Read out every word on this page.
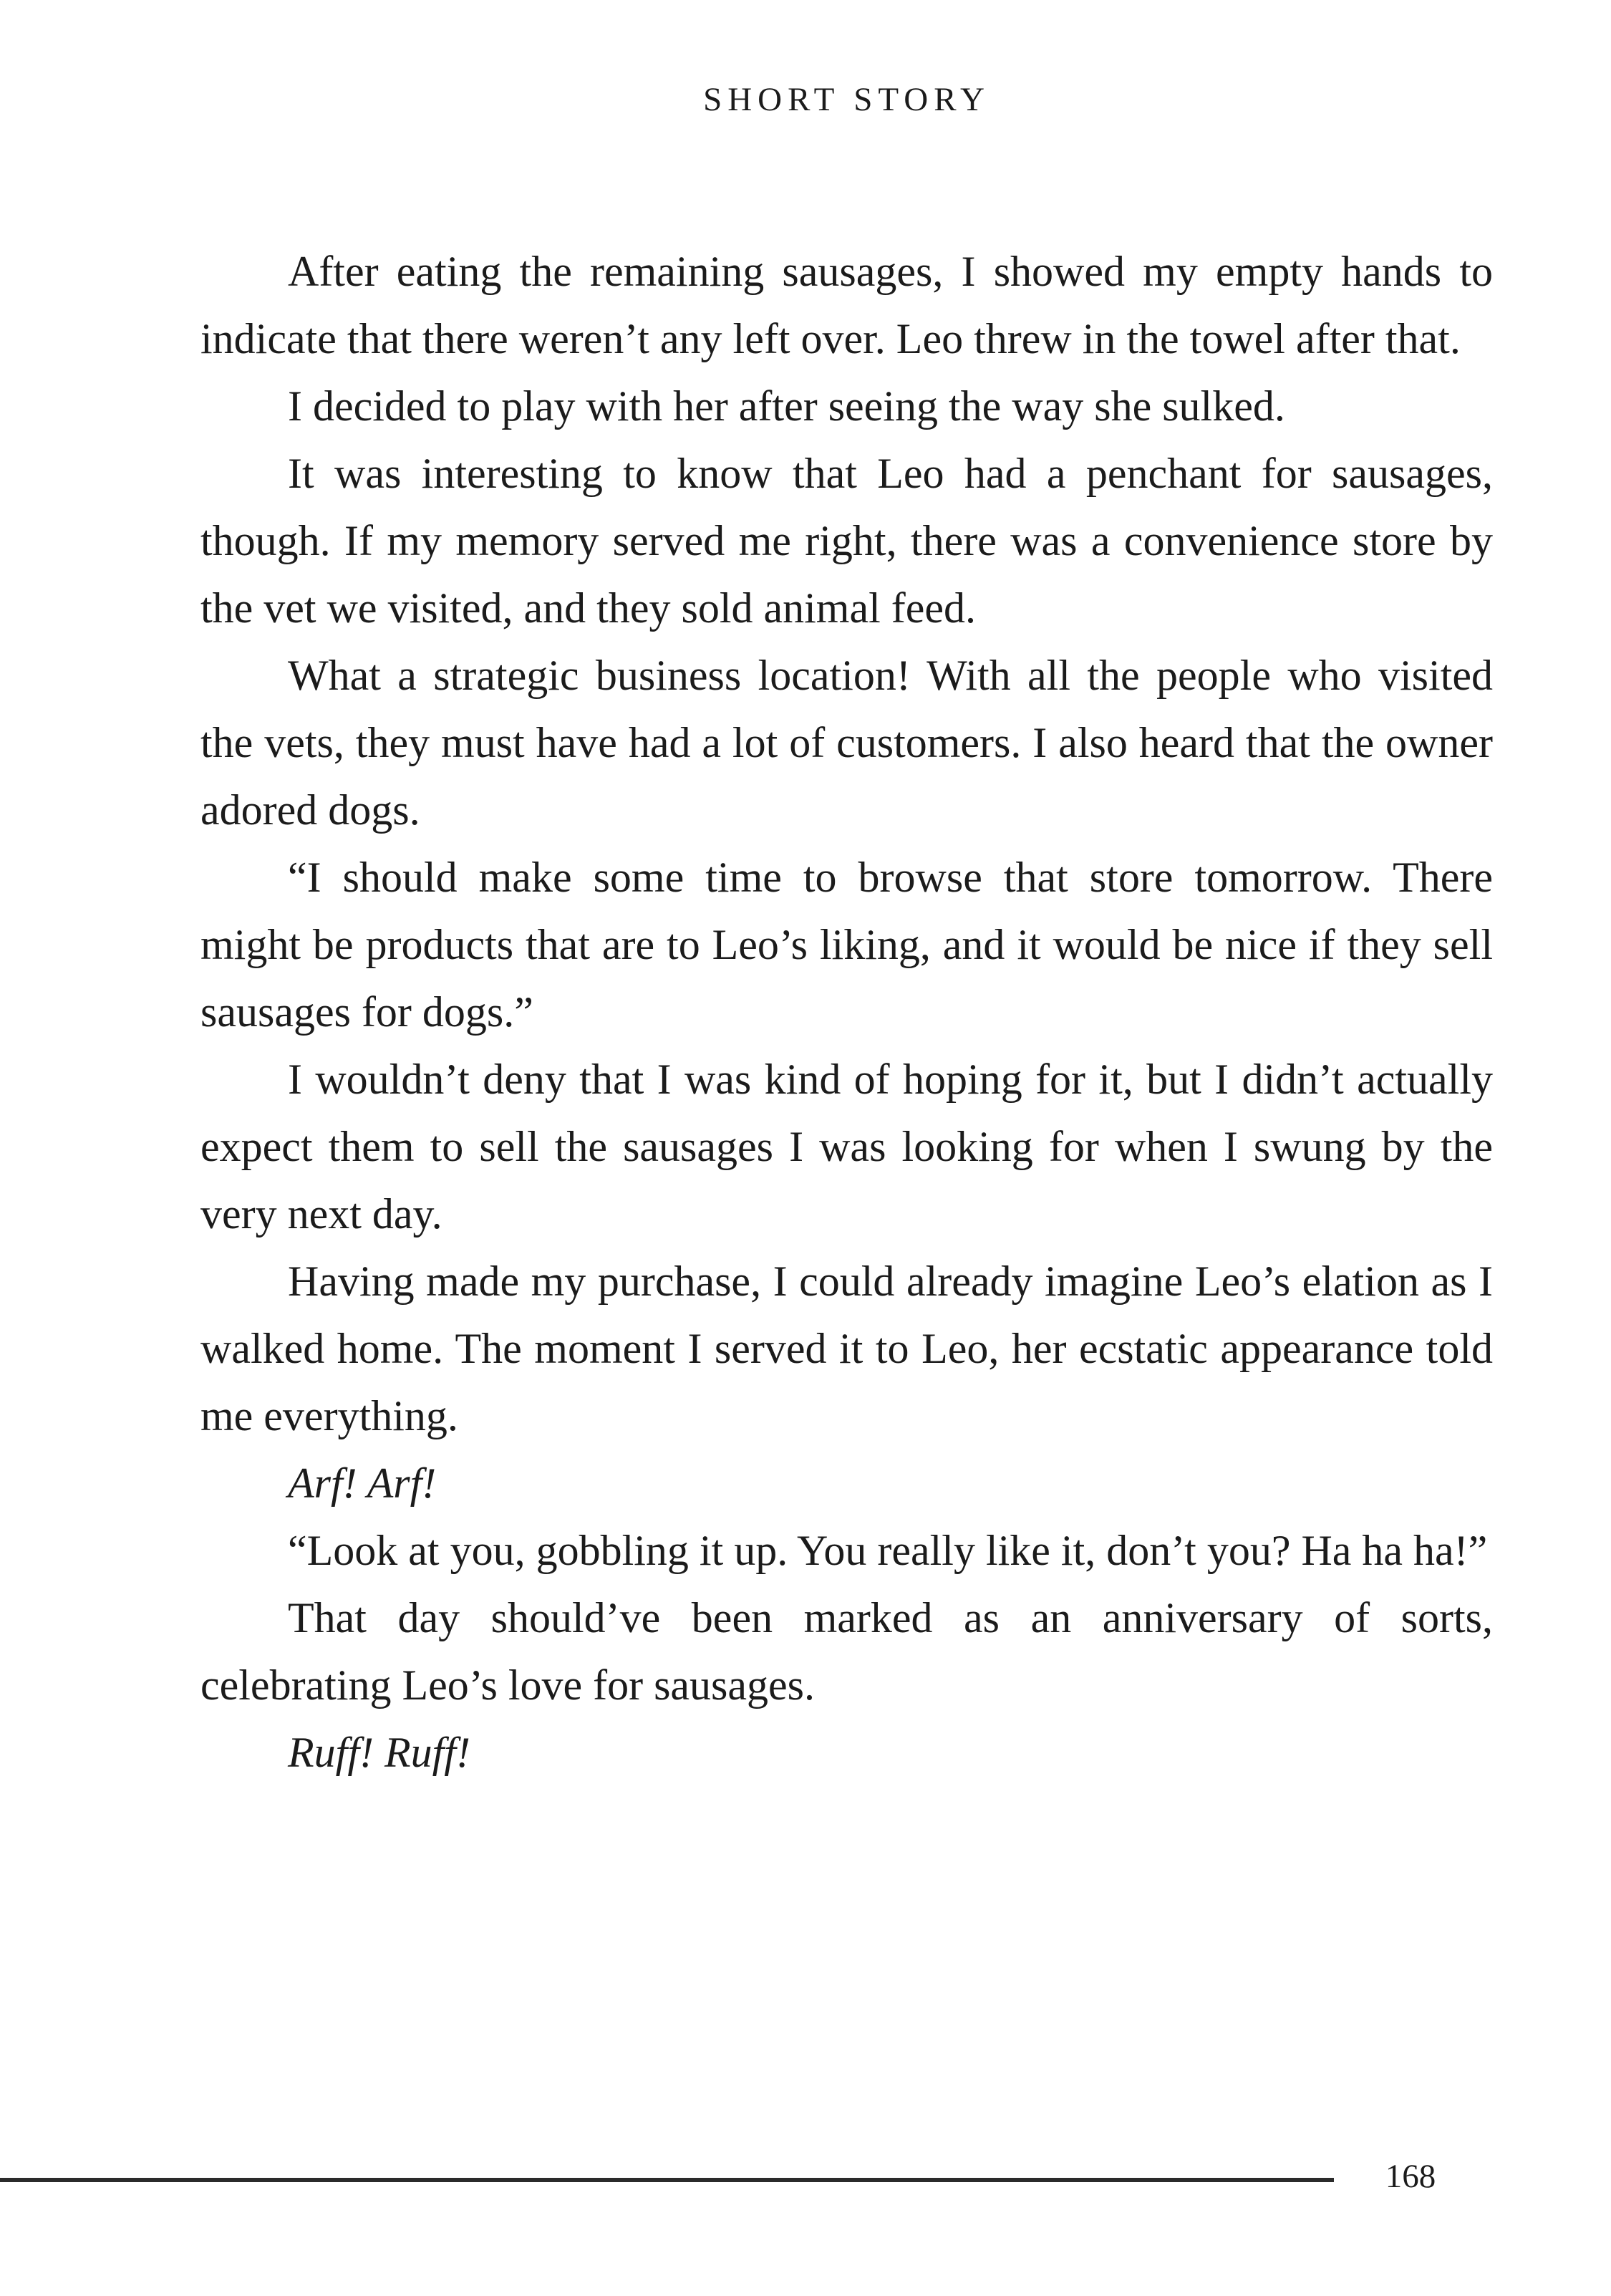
SHORT STORY

After eating the remaining sausages, I showed my empty hands to indicate that there weren’t any left over. Leo threw in the towel after that.

I decided to play with her after seeing the way she sulked.

It was interesting to know that Leo had a penchant for sausages, though. If my memory served me right, there was a convenience store by the vet we visited, and they sold animal feed.

What a strategic business location! With all the people who visited the vets, they must have had a lot of customers. I also heard that the owner adored dogs.

“I should make some time to browse that store tomorrow. There might be products that are to Leo’s liking, and it would be nice if they sell sausages for dogs.”

I wouldn’t deny that I was kind of hoping for it, but I didn’t actually expect them to sell the sausages I was looking for when I swung by the very next day.

Having made my purchase, I could already imagine Leo’s elation as I walked home. The moment I served it to Leo, her ecstatic appearance told me everything.

Arf! Arf!

“Look at you, gobbling it up. You really like it, don’t you? Ha ha ha!”

That day should’ve been marked as an anniversary of sorts, celebrating Leo’s love for sausages.

Ruff! Ruff!

168
